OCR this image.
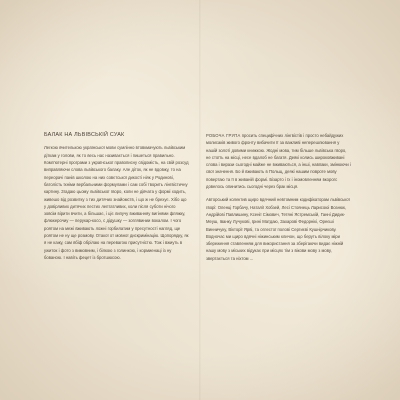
БАЛАК НА ЛЬВІВСЬКІЙ СУАК

Легкою вчителькою української мови сумлінно втовкмачують львівським діткам у голови, як то весь нас називається і пишеться правильно. Комп'ютерні програми з української правописну свідомість, на свій розсуд виправляючи слова львівського балаку. Але діток, як не вдовжу, то на переорачі панів школою на них совєтської дикості ніяк у Родинові, батолість їхніми вербальними формулами і сам собі творить лінгвістичну картину. Згадаю цьому львівської гворо, коли не дівчата у формі ходить, живешо від розвитку з тих дитячих знайомств, і що ж не брехує. Хібо що у довірливих дитячих пестих лептатливих, коли після суботи нічого зовсім вірити вчити, а більшає, і ціє липучу вживанняу вигінями фляжку, флюкерочиу — перукар-косо, с дідушку — зоглявинии вокалом. І чого роятом на межі вживають ложні горбилатим у пресутності нагляд, ще роятом не ну ще розмову. Отакої от мовної дискримінацію. Щопорядку, як я не кажу, сам вбіф обрілаю на перевагою присутністю. Тож і вжиуть в ужиток і фото з вимовним, і білкою з голинкою, і кормиенаці із ну бованою. І навіть фецет із бротшюсою.

РОБОЧА ГРУПА просить специфічних лінгвістів і просто небайдужих молисаків живого фронту вибачити її за важливі неперешлювання у нашій золоті довими книжкою. Жодні мова, тим більше львівська гворо, не стоїть на місці, несе вдалоб не багатя. Деякі колись широковживані слова і вирази сьогодні майже не вживаються, а інші, навпаки, змінюючи і свої значення. Бо й вживають в Польщ, деякі нашим повроте мову повертаю та її в живаній формі. Бізарто і їх і іномовленням вкорогс довелось опинитись сьогодні через брак місця.

Авторський колектив щиро вдячний невтомним кодифікаторам львівської гворі: Оленці Горбачу, Наталії Хобзей, Лесі Стоянець Ларисоюі Вознюк, Андрійові Павлишину, Ксенії Сімович, Тетяні Ястремській, Ганні Дидик-Меуш, Іванку Лучукові, Ірині Матдаю, Захарові Федорнікі, Ореєші Винничуку, Вікторії Ярві, та оглестої полові Сергиєві Кушнірчикову. Водночас ми щиро вдячні ніжинським кличон, що беруть вілоку міри збереження ставленням для використання за зберігаючи видає ніжній нашу мову з міських відуках при місцях тім з вікови мову з мову, звертається та ніхтом ...
